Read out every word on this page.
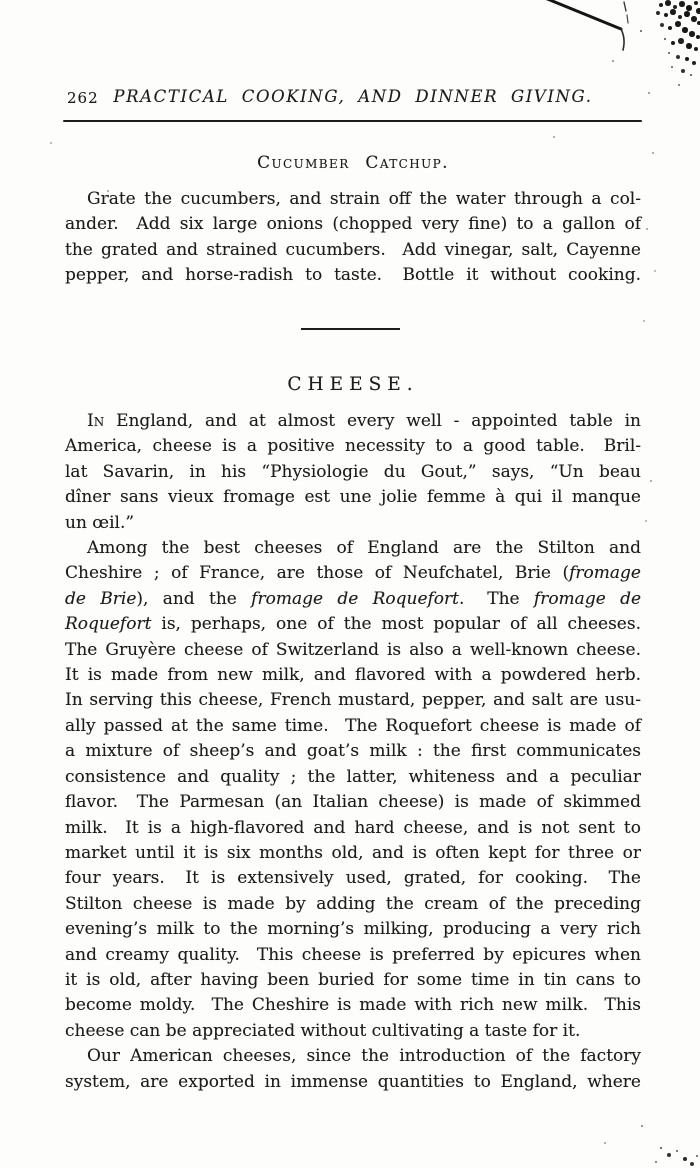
262 PRACTICAL COOKING, AND DINNER GIVING.
Cucumber Catchup.
Grate the cucumbers, and strain off the water through a col-
ander.  Add six large onions (chopped very fine) to a gallon of
the grated and strained cucumbers.  Add vinegar, salt, Cayenne
pepper, and horse-radish to taste.  Bottle it without cooking.
CHEESE.
In England, and at almost every well - appointed table in
America, cheese is a positive necessity to a good table.  Bril-
lat Savarin, in his “Physiologie du Gout,” says, “Un beau
dîner sans vieux fromage est une jolie femme à qui il manque
un œil.”
Among the best cheeses of England are the Stilton and
Cheshire ; of France, are those of Neufchatel, Brie (fromage
de Brie), and the fromage de Roquefort.  The fromage de
Roquefort is, perhaps, one of the most popular of all cheeses.
The Gruyère cheese of Switzerland is also a well-known cheese.
It is made from new milk, and flavored with a powdered herb.
In serving this cheese, French mustard, pepper, and salt are usu-
ally passed at the same time.  The Roquefort cheese is made of
a mixture of sheep’s and goat’s milk : the first communicates
consistence and quality ; the latter, whiteness and a peculiar
flavor.  The Parmesan (an Italian cheese) is made of skimmed
milk.  It is a high-flavored and hard cheese, and is not sent to
market until it is six months old, and is often kept for three or
four years.  It is extensively used, grated, for cooking.  The
Stilton cheese is made by adding the cream of the preceding
evening’s milk to the morning’s milking, producing a very rich
and creamy quality.  This cheese is preferred by epicures when
it is old, after having been buried for some time in tin cans to
become moldy.  The Cheshire is made with rich new milk.  This
cheese can be appreciated without cultivating a taste for it.
Our American cheeses, since the introduction of the factory
system, are exported in immense quantities to England, where
